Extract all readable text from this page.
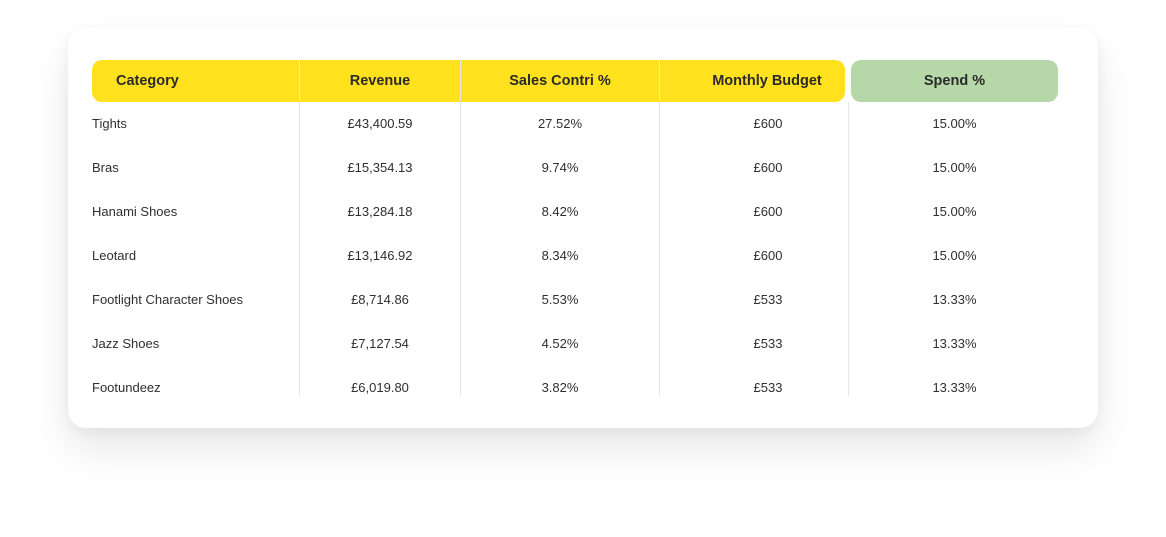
Category	Revenue	Sales Contri %	Monthly Budget	Spend %
Tights	£43,400.59	27.52%	£600	15.00%
Bras	£15,354.13	9.74%	£600	15.00%
Hanami Shoes	£13,284.18	8.42%	£600	15.00%
Leotard	£13,146.92	8.34%	£600	15.00%
Footlight Character Shoes	£8,714.86	5.53%	£533	13.33%
Jazz Shoes	£7,127.54	4.52%	£533	13.33%
Footundeez	£6,019.80	3.82%	£533	13.33%
